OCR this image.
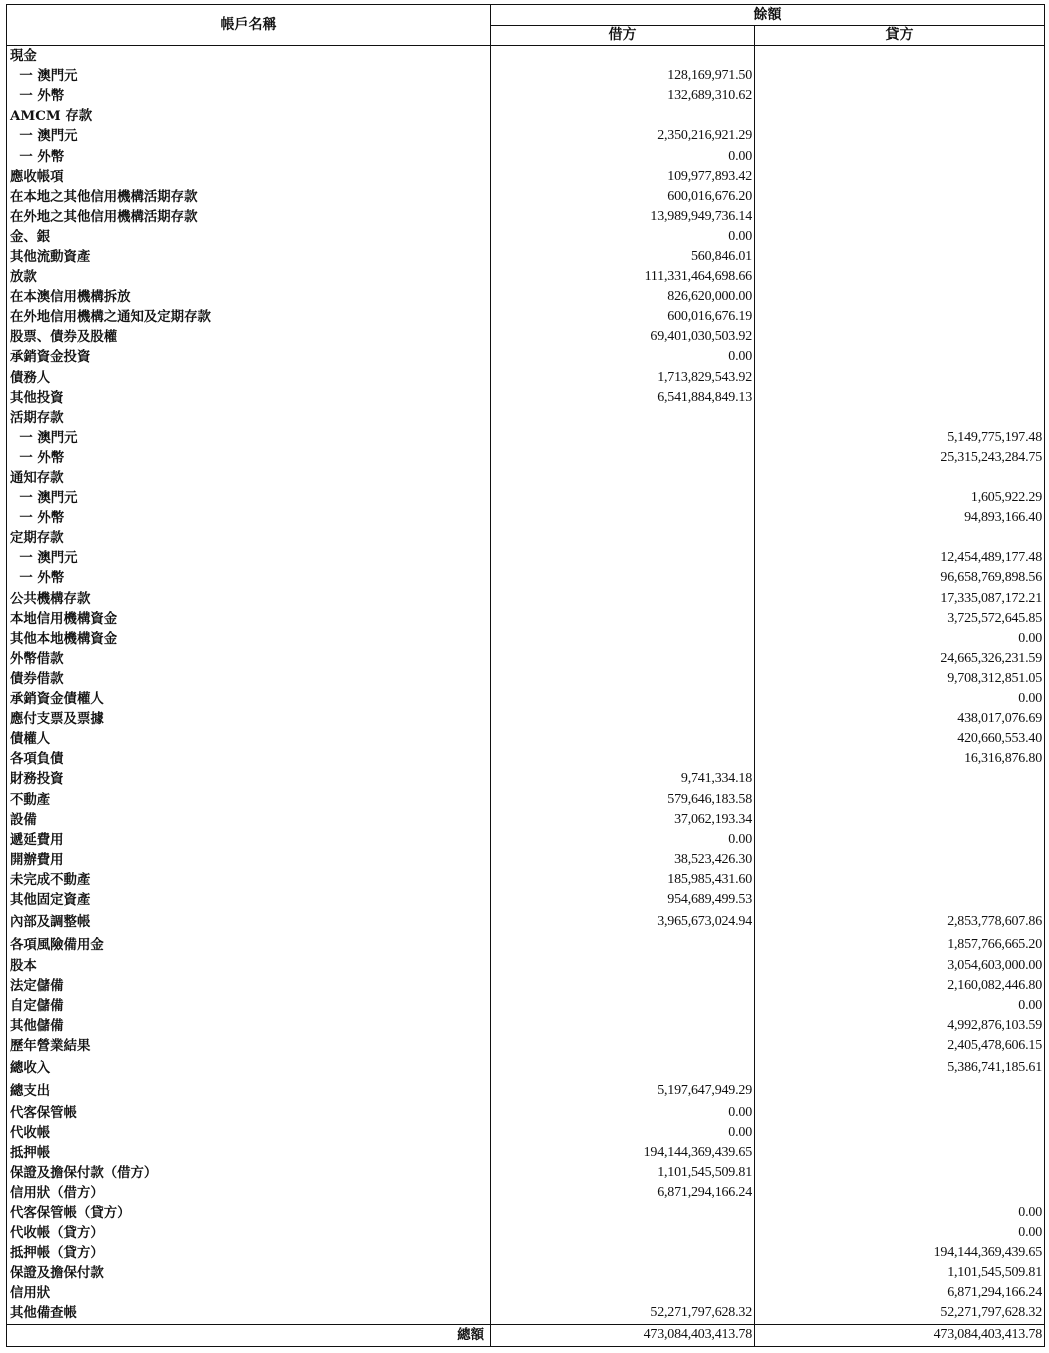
帳戶名稱	餘額	
	借方	貸方
現金		
一 澳門元	128,169,971.50	
一 外幣	132,689,310.62	
AMCM 存款		
一 澳門元	2,350,216,921.29	
一 外幣	0.00	
應收帳項	109,977,893.42	
在本地之其他信用機構活期存款	600,016,676.20	
在外地之其他信用機構活期存款	13,989,949,736.14	
金、銀	0.00	
其他流動資產	560,846.01	
放款	111,331,464,698.66	
在本澳信用機構拆放	826,620,000.00	
在外地信用機構之通知及定期存款	600,016,676.19	
股票、債券及股權	69,401,030,503.92	
承銷資金投資	0.00	
債務人	1,713,829,543.92	
其他投資	6,541,884,849.13	
活期存款		
一 澳門元		5,149,775,197.48
一 外幣		25,315,243,284.75
通知存款		
一 澳門元		1,605,922.29
一 外幣		94,893,166.40
定期存款		
一 澳門元		12,454,489,177.48
一 外幣		96,658,769,898.56
公共機構存款		17,335,087,172.21
本地信用機構資金		3,725,572,645.85
其他本地機構資金		0.00
外幣借款		24,665,326,231.59
債券借款		9,708,312,851.05
承銷資金債權人		0.00
應付支票及票據		438,017,076.69
債權人		420,660,553.40
各項負債		16,316,876.80
財務投資	9,741,334.18	
不動產	579,646,183.58	
設備	37,062,193.34	
遞延費用	0.00	
開辦費用	38,523,426.30	
未完成不動產	185,985,431.60	
其他固定資產	954,689,499.53	
內部及調整帳	3,965,673,024.94	2,853,778,607.86
各項風險備用金		1,857,766,665.20
股本		3,054,603,000.00
法定儲備		2,160,082,446.80
自定儲備		0.00
其他儲備		4,992,876,103.59
歷年營業結果		2,405,478,606.15
總收入		5,386,741,185.61
總支出	5,197,647,949.29	
代客保管帳	0.00	
代收帳	0.00	
抵押帳	194,144,369,439.65	
保證及擔保付款（借方）	1,101,545,509.81	
信用狀（借方）	6,871,294,166.24	
代客保管帳（貸方）		0.00
代收帳（貸方）		0.00
抵押帳（貸方）		194,144,369,439.65
保證及擔保付款		1,101,545,509.81
信用狀		6,871,294,166.24
其他備查帳	52,271,797,628.32	52,271,797,628.32
總額	473,084,403,413.78	473,084,403,413.78
